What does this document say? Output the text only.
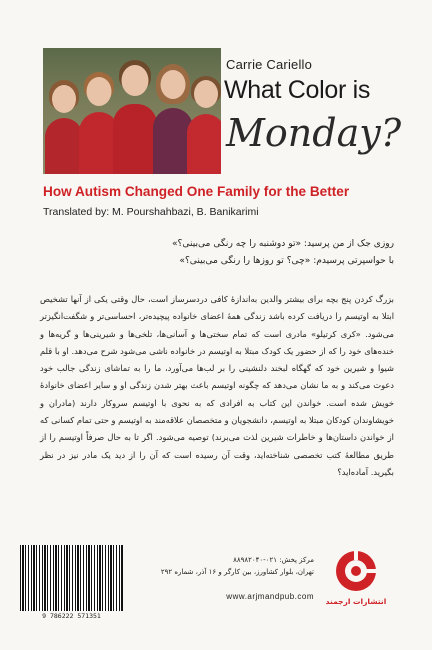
Carrie Cariello
What Color is
Monday?
How Autism Changed One Family for the Better
Translated by: M. Pourshahbazi, B. Banikarimi
روزی جک از من پرسید: «تو دوشنبه را چه رنگی می‌بینی؟»
با حواسپرتی پرسیدم: «چی؟ تو روزها را رنگی می‌بینی؟»
بزرگ کردن پنج بچه برای بیشتر والدین به‌اندازهٔ کافی دردسرساز است، حال وقتی یکی از آنها تشخیص ابتلا به اوتیسم را دریافت کرده باشد زندگی همهٔ اعضای خانواده پیچیده‌تر، احساسی‌تر و شگفت‌انگیزتر می‌شود. «کری کرتیلو» مادری است که تمام سختی‌ها و آسانی‌ها، تلخی‌ها و شیرینی‌ها و گریه‌ها و خنده‌های خود را که از حضور یک کودک مبتلا به اوتیسم در خانواده ناشی می‌شود شرح می‌دهد. او با قلم شیوا و شیرین خود که گهگاه لبخند دلنشینی را بر لب‌ها می‌آورد، ما را به تماشای زندگی جالب خود دعوت می‌کند و به ما نشان می‌دهد که چگونه اوتیسم باعث بهتر شدن زندگی او و سایر اعضای خانوادهٔ خویش شده است. خواندن این کتاب به افرادی که به نحوی با اوتیسم سروکار دارند (مادران و خویشاوندان کودکان مبتلا به اوتیسم، دانشجویان و متخصصان علاقه‌مند به اوتیسم و حتی تمام کسانی که از خواندن داستان‌ها و خاطرات شیرین لذت می‌برند) توصیه می‌شود. اگر تا به حال صرفاً اوتیسم را از طریق مطالعهٔ کتب تخصصی شناخته‌اید، وقت آن رسیده است که آن را از دید یک مادر نیز در نظر بگیرید. آماده‌اید؟
9 786222 571351
مرکز پخش: ۰۲۱-۸۸۹۸۲۰۴۰
تهران، بلوار کشاورز، بین کارگر و ۱۶ آذر، شماره ۲۹۲
www.arjmandpub.com
انتشارات ارجمند
